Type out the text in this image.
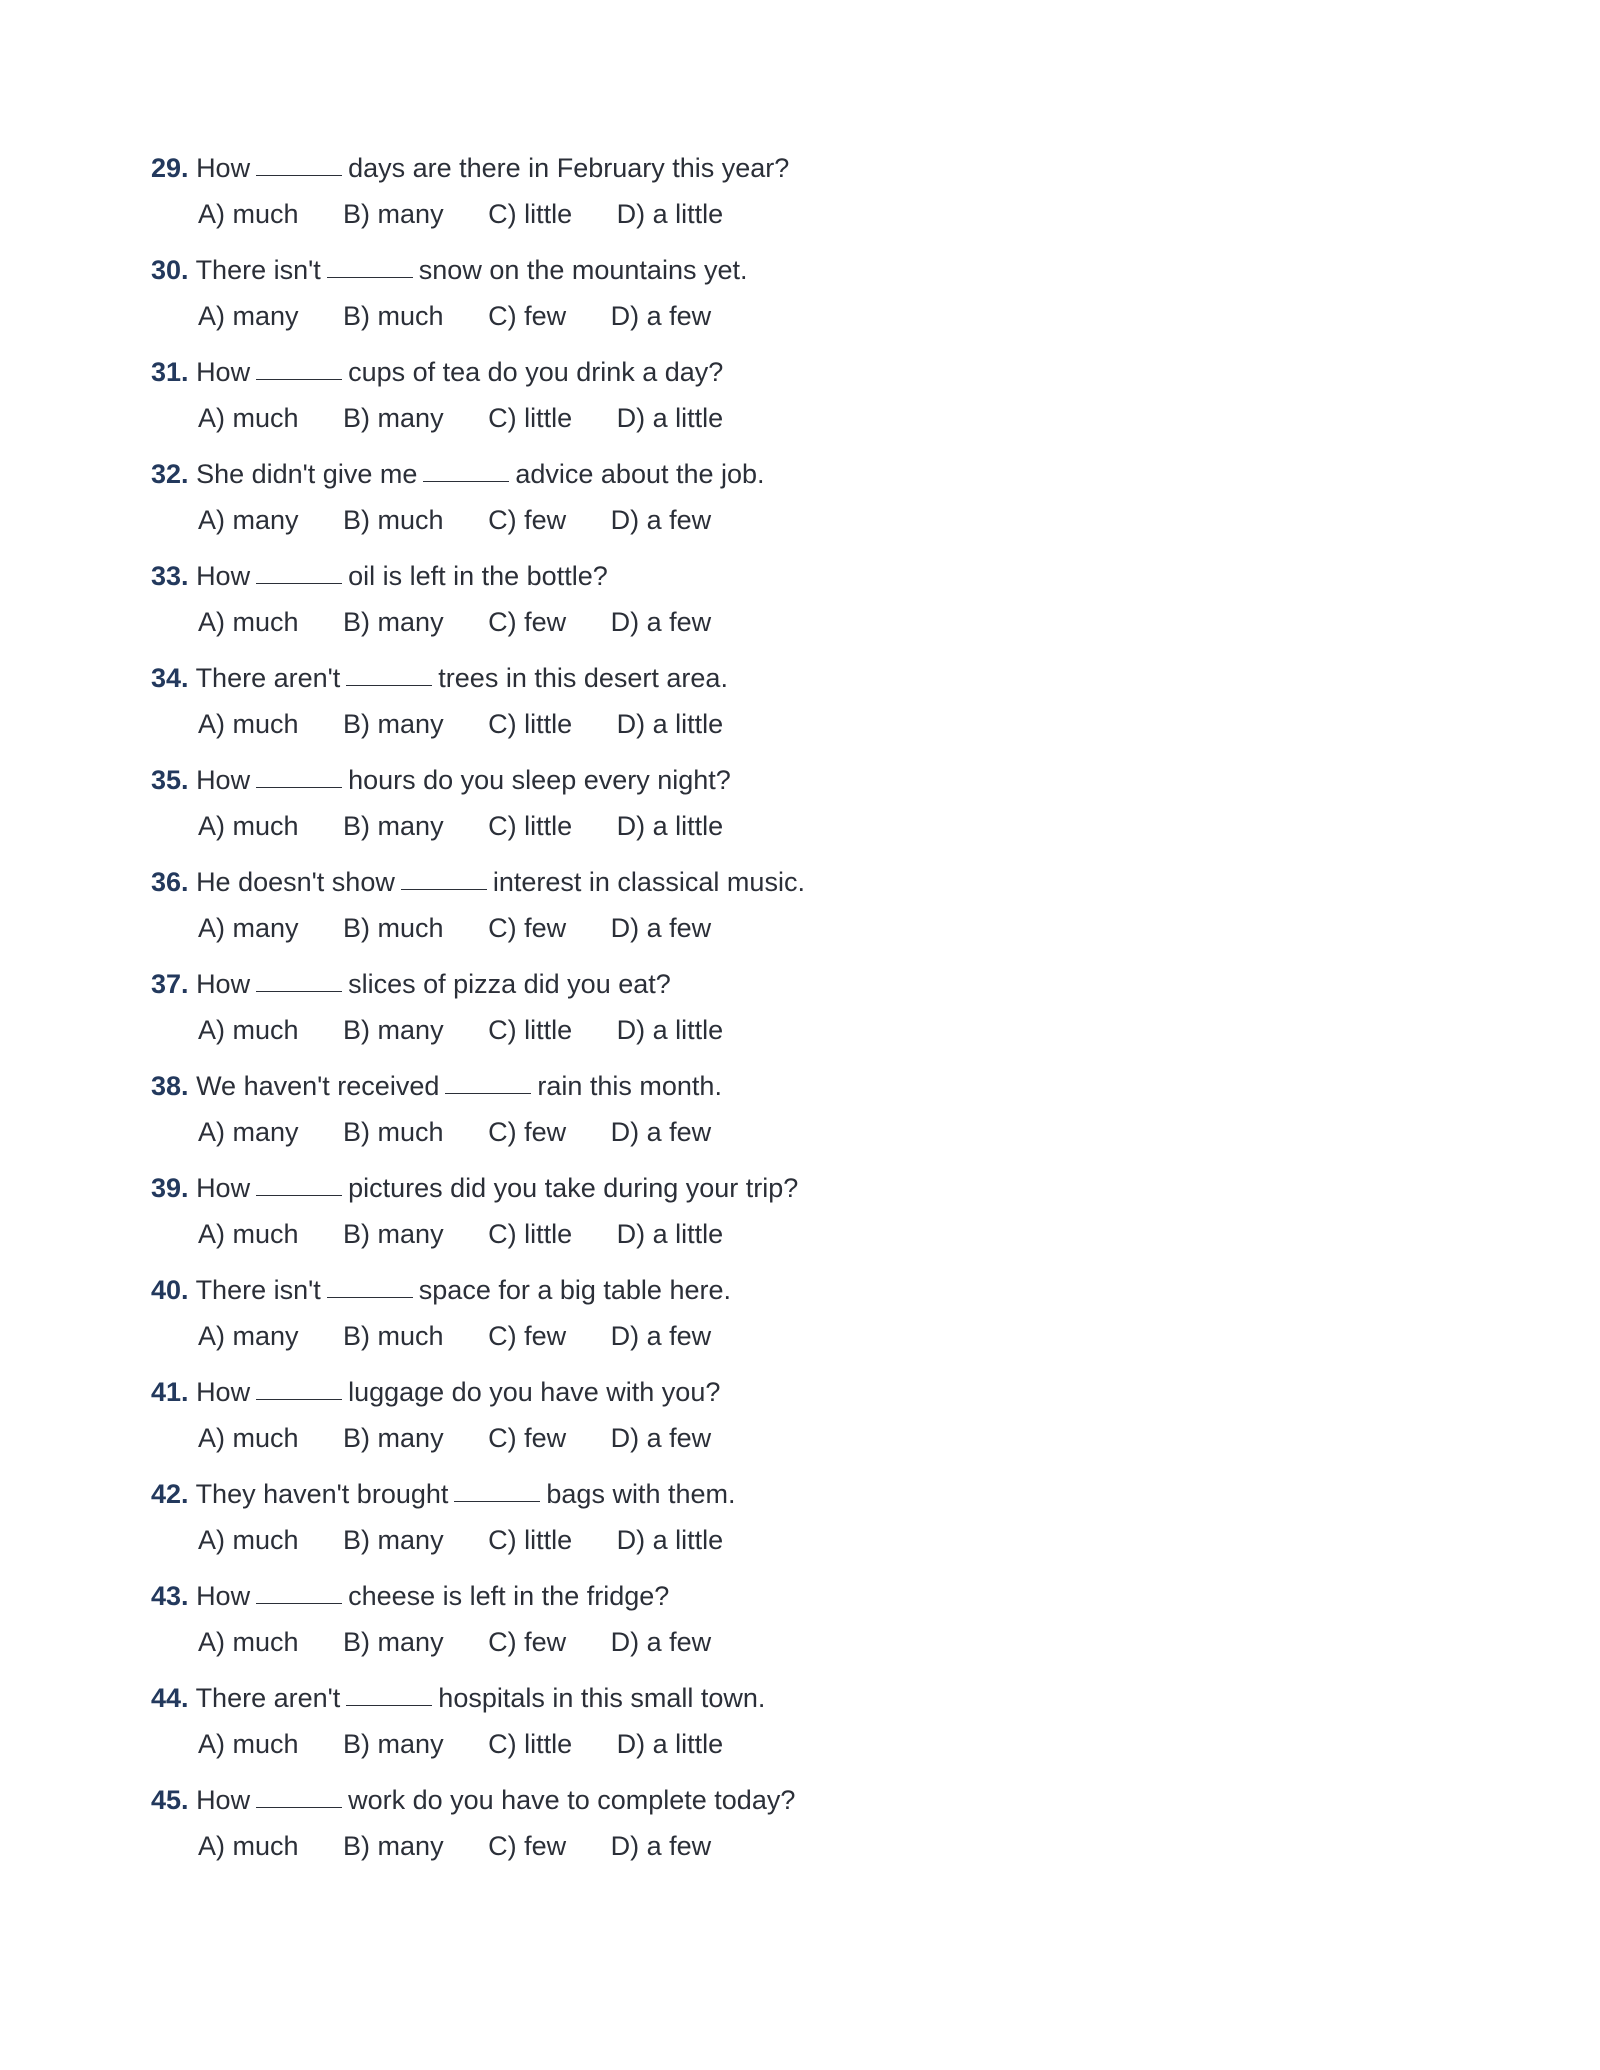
29. How	days are there in February this year?
A) much B) many C) little D) a little
30. There isn't	snow on the mountains yet.
A) many B) much C) few D) a few
31. How	cups of tea do you drink a day?
A) much B) many C) little D) a little
32. She didn't give me	advice about the job.
A) many B) much C) few D) a few
33. How	oil is left in the bottle?
A) much B) many C) few D) a few
34. There aren't	trees in this desert area.
A) much B) many C) little D) a little
35. How	hours do you sleep every night?
A) much B) many C) little D) a little
36. He doesn't show	interest in classical music.
A) many B) much C) few D) a few
37. How	slices of pizza did you eat?
A) much B) many C) little D) a little
38. We haven't received	rain this month.
A) many B) much C) few D) a few
39. How	pictures did you take during your trip?
A) much B) many C) little D) a little
40. There isn't	space for a big table here.
A) many B) much C) few D) a few
41. How	luggage do you have with you?
A) much B) many C) few D) a few
42. They haven't brought	bags with them.
A) much B) many C) little D) a little
43. How	cheese is left in the fridge?
A) much B) many C) few D) a few
44. There aren't	hospitals in this small town.
A) much B) many C) little D) a little
45. How	work do you have to complete today?
A) much B) many C) few D) a few
